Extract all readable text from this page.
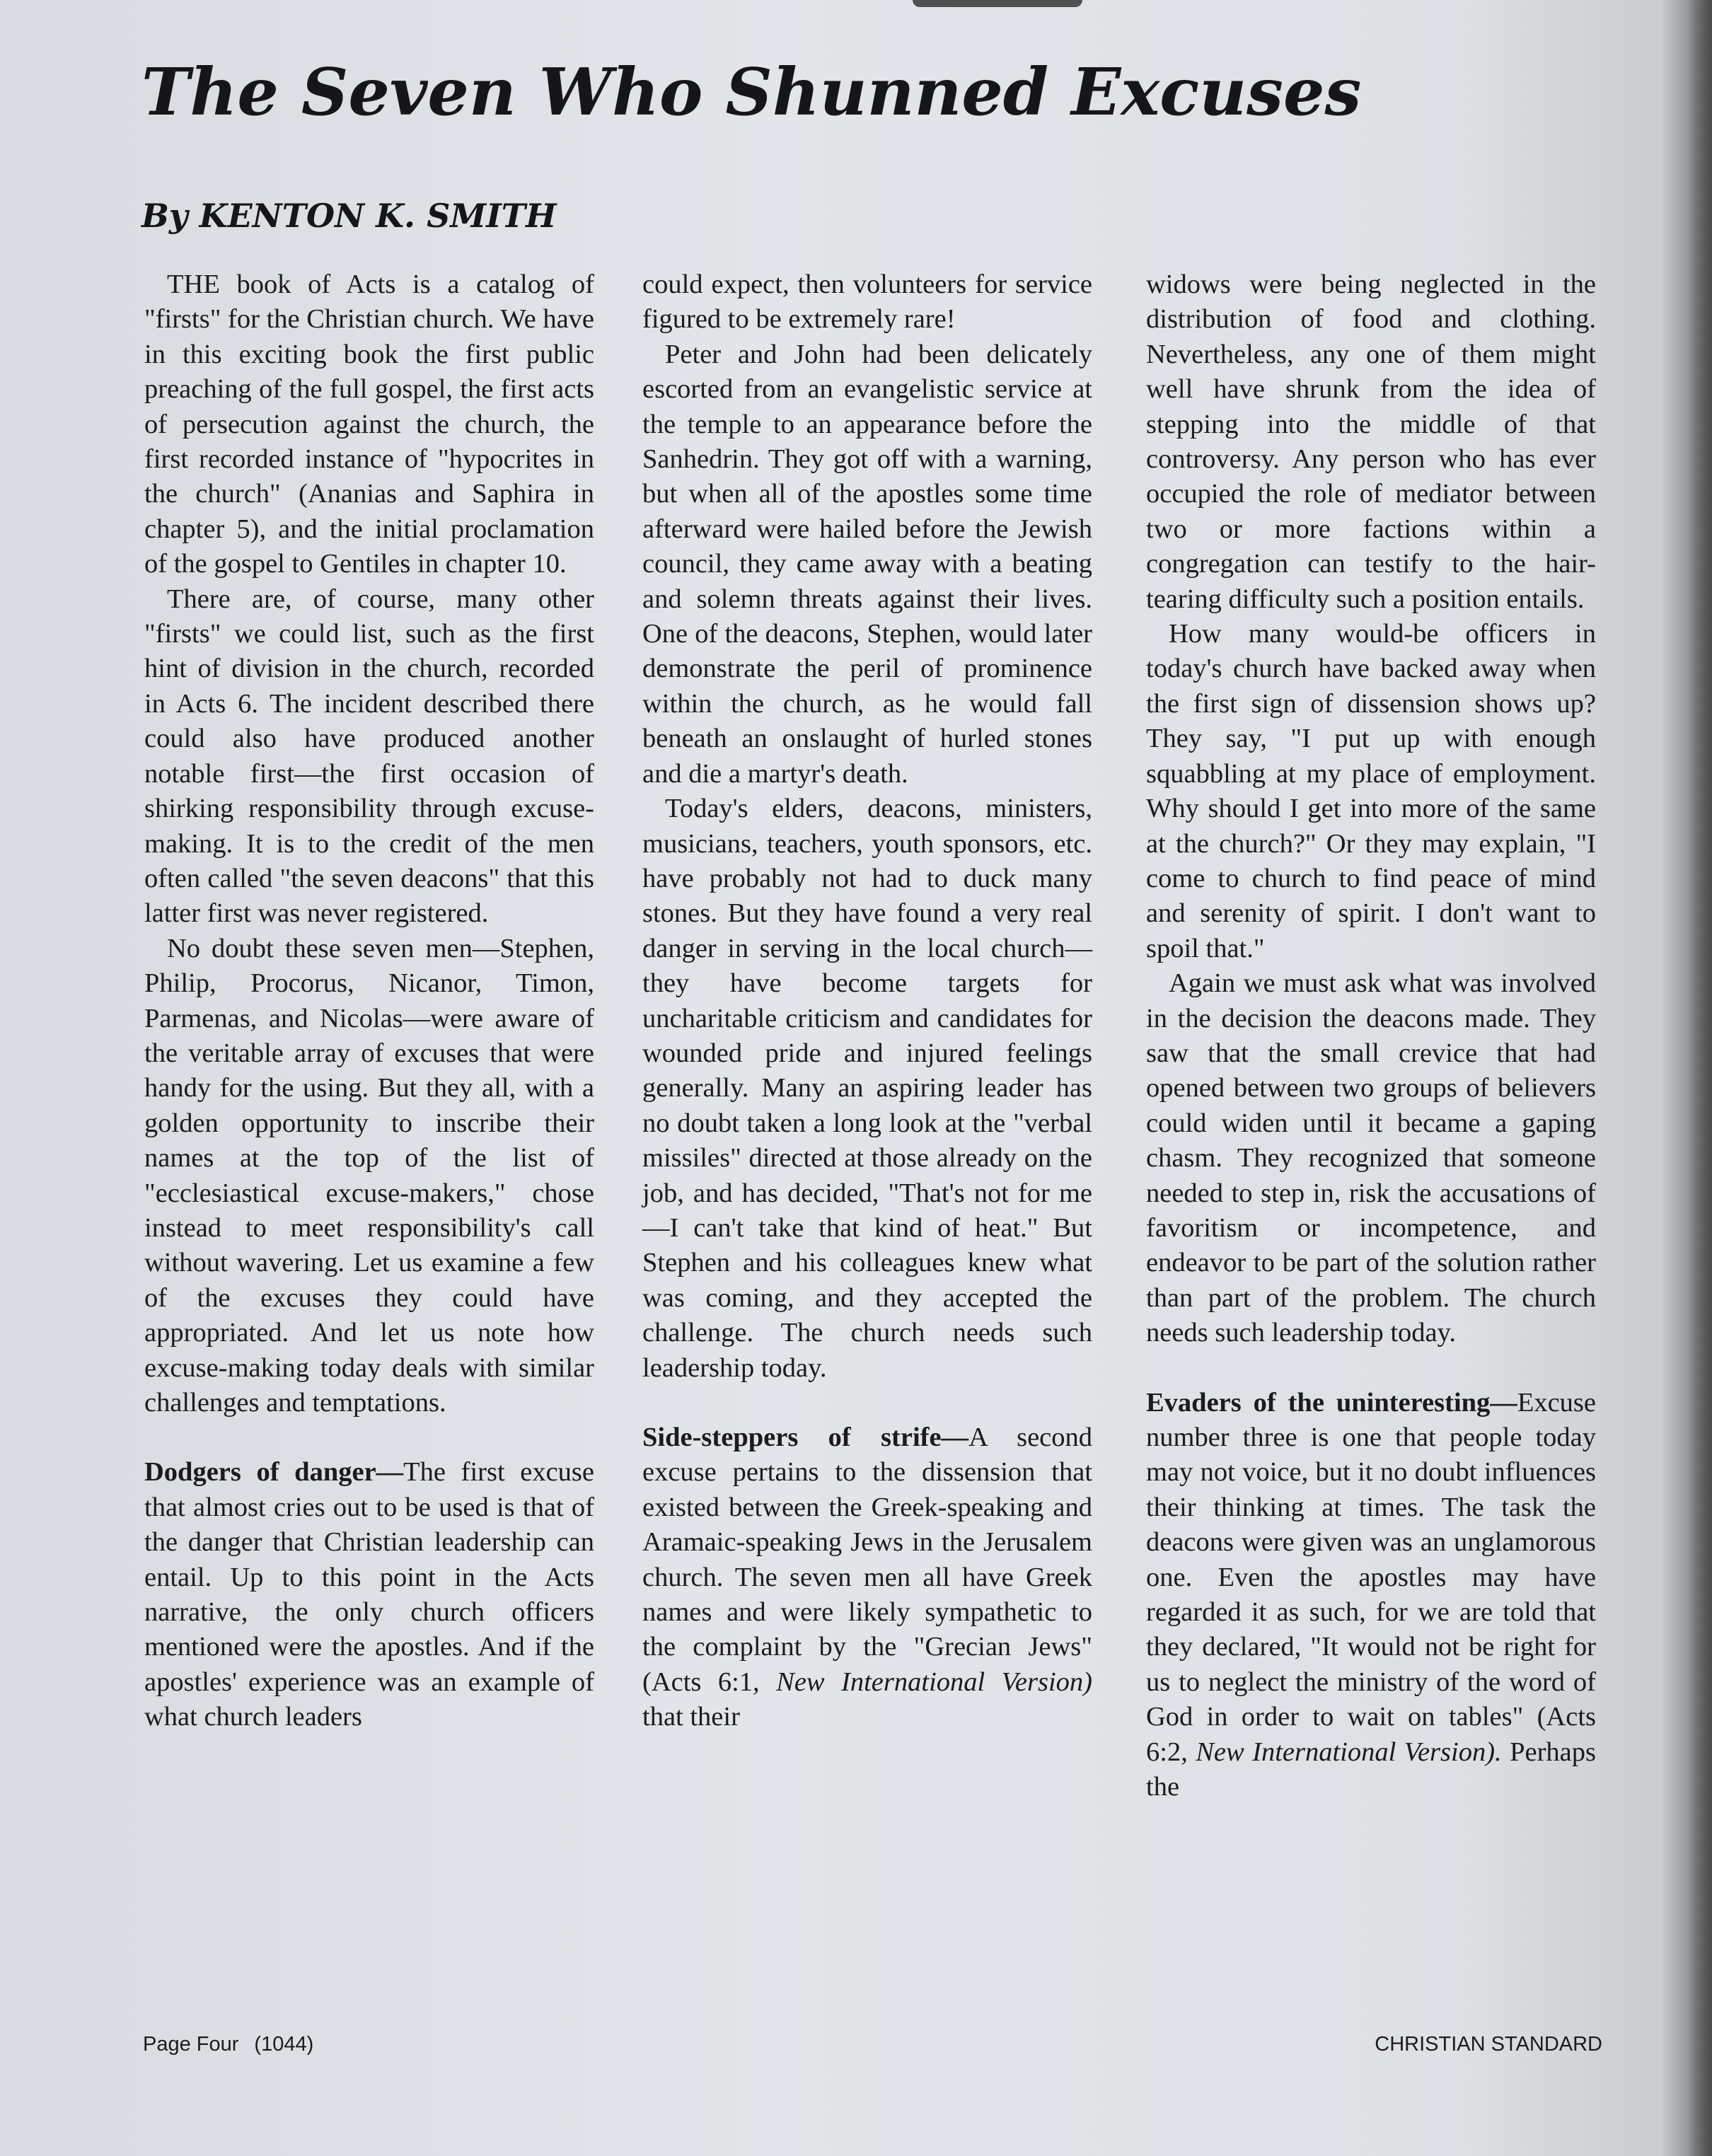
The Seven Who Shunned Excuses
By KENTON K. SMITH

THE book of Acts is a catalog of "firsts" for the Christian church. We have in this exciting book the first public preaching of the full gospel, the first acts of persecution against the church, the first recorded instance of "hypocrites in the church" (Ananias and Saphira in chapter 5), and the initial proclamation of the gospel to Gentiles in chapter 10.

There are, of course, many other "firsts" we could list, such as the first hint of division in the church, recorded in Acts 6. The incident described there could also have produced another notable first—the first occasion of shirking responsibility through excuse-making. It is to the credit of the men often called "the seven deacons" that this latter first was never registered.

No doubt these seven men—Stephen, Philip, Procorus, Nicanor, Timon, Parmenas, and Nicolas—were aware of the veritable array of excuses that were handy for the using. But they all, with a golden opportunity to inscribe their names at the top of the list of "ecclesiastical excuse-makers," chose instead to meet responsibility's call without wavering. Let us examine a few of the excuses they could have appropriated. And let us note how excuse-making today deals with similar challenges and temptations.

Dodgers of danger—The first excuse that almost cries out to be used is that of the danger that Christian leadership can entail. Up to this point in the Acts narrative, the only church officers mentioned were the apostles. And if the apostles' experience was an example of what church leaders

could expect, then volunteers for service figured to be extremely rare!

Peter and John had been delicately escorted from an evangelistic service at the temple to an appearance before the Sanhedrin. They got off with a warning, but when all of the apostles some time afterward were hailed before the Jewish council, they came away with a beating and solemn threats against their lives. One of the deacons, Stephen, would later demonstrate the peril of prominence within the church, as he would fall beneath an onslaught of hurled stones and die a martyr's death.

Today's elders, deacons, ministers, musicians, teachers, youth sponsors, etc. have probably not had to duck many stones. But they have found a very real danger in serving in the local church—they have become targets for uncharitable criticism and candidates for wounded pride and injured feelings generally. Many an aspiring leader has no doubt taken a long look at the "verbal missiles" directed at those already on the job, and has decided, "That's not for me—I can't take that kind of heat." But Stephen and his colleagues knew what was coming, and they accepted the challenge. The church needs such leadership today.

Side-steppers of strife—A second excuse pertains to the dissension that existed between the Greek-speaking and Aramaic-speaking Jews in the Jerusalem church. The seven men all have Greek names and were likely sympathetic to the complaint by the "Grecian Jews" (Acts 6:1, New International Version) that their

widows were being neglected in the distribution of food and clothing. Nevertheless, any one of them might well have shrunk from the idea of stepping into the middle of that controversy. Any person who has ever occupied the role of mediator between two or more factions within a congregation can testify to the hair-tearing difficulty such a position entails.

How many would-be officers in today's church have backed away when the first sign of dissension shows up? They say, "I put up with enough squabbling at my place of employment. Why should I get into more of the same at the church?" Or they may explain, "I come to church to find peace of mind and serenity of spirit. I don't want to spoil that."

Again we must ask what was involved in the decision the deacons made. They saw that the small crevice that had opened between two groups of believers could widen until it became a gaping chasm. They recognized that someone needed to step in, risk the accusations of favoritism or incompetence, and endeavor to be part of the solution rather than part of the problem. The church needs such leadership today.

Evaders of the uninteresting—Excuse number three is one that people today may not voice, but it no doubt influences their thinking at times. The task the deacons were given was an unglamorous one. Even the apostles may have regarded it as such, for we are told that they declared, "It would not be right for us to neglect the ministry of the word of God in order to wait on tables" (Acts 6:2, New International Version). Perhaps the

Page Four (1044)	CHRISTIAN STANDARD
